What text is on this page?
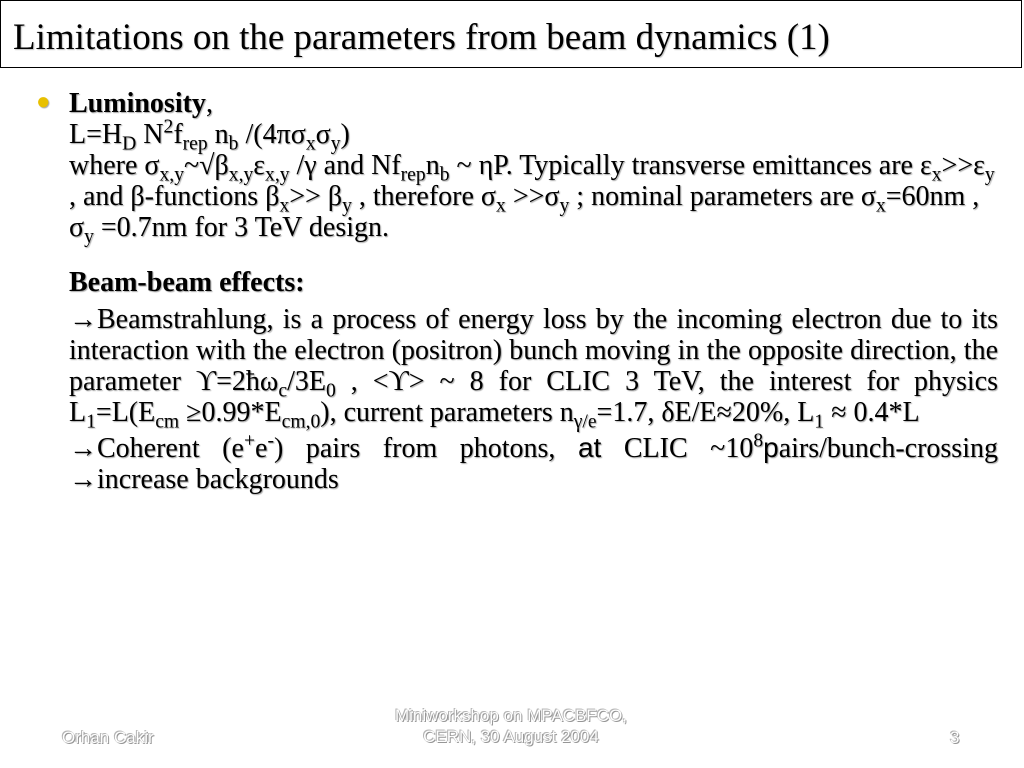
Limitations on the parameters from beam dynamics (1)
● Luminosity,
$L=H_D$ $N^2f_{rep}$ $n_b$ $/(4\pi\sigma_x\sigma_y)$
where $\sigma_{x,y}\sim√\beta_{x,y}\varepsilon_{x,y}$ /γ and $Nf_{rep}n_b$ ~ ηP. Typically transverse emittances are $\varepsilon_x>>\varepsilon_y$ , and β-functions $\beta_x>> \beta_y$ , therefore $\sigma_x >>\sigma_y$ ; nominal parameters are $\sigma_x=60nm$ , $\sigma_y =0.7nm$ for 3 TeV design.
Beam-beam effects:
→Beamstrahlung, is a process of energy loss by the incoming electron due to its interaction with the electron (positron) bunch moving in the opposite direction, the parameter $ϒ=2ħ\omega_c/3E_0$ , <ϒ> ~ 8 for CLIC 3 TeV, the interest for physics $L_1=L(E_{cm} \ge 0.99*E_{cm,0})$, current parameters $n_{\gamma/e}=1.7$, δE/E≈20%, $L_1 \approx 0.4*L$
→Coherent (e+e-) pairs from photons, at CLIC $\sim 10^8pairs/bunch$-crossing →increase backgrounds
Orhan Cakir
Miniworkshop on MPACBFCO,
CERN, 30 August 2004	3
